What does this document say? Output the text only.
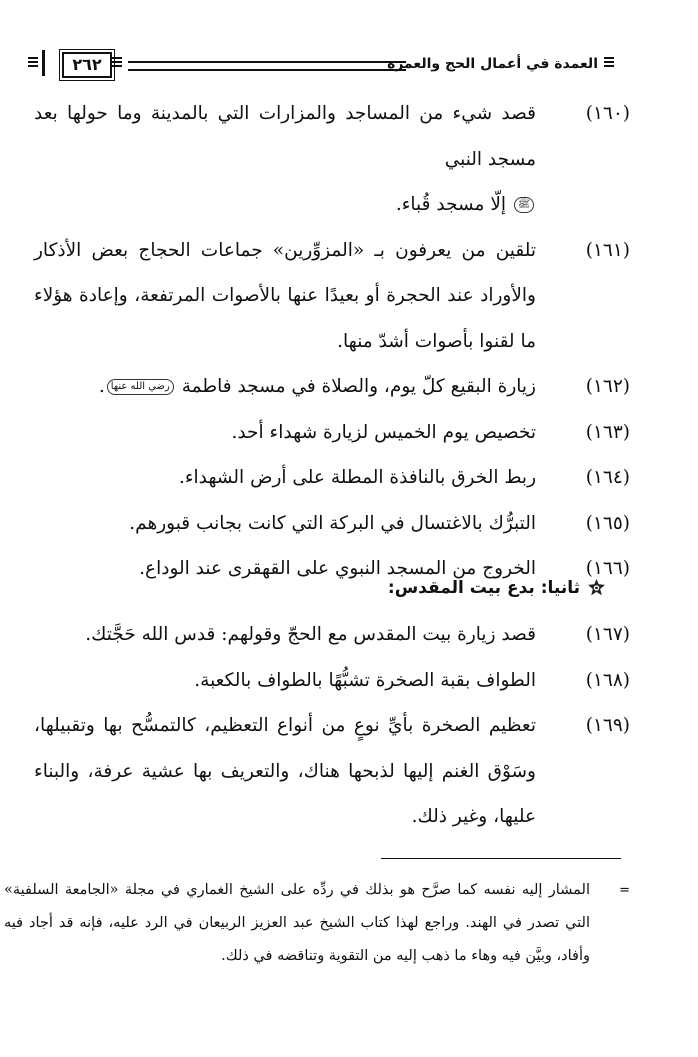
العمدة في أعمال الحج والعمرة
٢٦٢
(١٦٠)
قصد شيء من المساجد والمزارات التي بالمدينة وما حولها بعد مسجد النبي
ﷺ إلّا مسجد قُباء.
(١٦١)
تلقين من يعرفون بـ «المزوِّرين» جماعات الحجاج بعض الأذكار والأوراد عند الحجرة أو بعيدًا عنها بالأصوات المرتفعة، وإعادة هؤلاء ما لقنوا بأصوات أشدّ منها.
(١٦٢)
زيارة البقيع كلّ يوم، والصلاة في مسجد فاطمة رضي الله عنها.
(١٦٣)
تخصيص يوم الخميس لزيارة شهداء أحد.
(١٦٤)
ربط الخرق بالنافذة المطلة على أرض الشهداء.
(١٦٥)
التبرُّك بالاغتسال في البركة التي كانت بجانب قبورهم.
(١٦٦)
الخروج من المسجد النبوي على القهقرى عند الوداع.
ثانيا: بدع بيت المقدس:
(١٦٧)
قصد زيارة بيت المقدس مع الحجّ وقولهم: قدس الله حَجَّتك.
(١٦٨)
الطواف بقبة الصخرة تشبُّهًا بالطواف بالكعبة.
(١٦٩)
تعظيم الصخرة بأيِّ نوعٍ من أنواع التعظيم، كالتمسُّح بها وتقبيلها، وسَوْق الغنم إليها لذبحها هناك، والتعريف بها عشية عرفة، والبناء عليها، وغير ذلك.
=
المشار إليه نفسه كما صرَّح هو بذلك في ردِّه على الشيخ الغماري في مجلة «الجامعة السلفية» التي تصدر في الهند. وراجع لهذا كتاب الشيخ عبد العزيز الربيعان في الرد عليه، فإنه قد أجاد فيه وأفاد، وبيَّن فيه وهاء ما ذهب إليه من التقوية وتناقضه في ذلك.
